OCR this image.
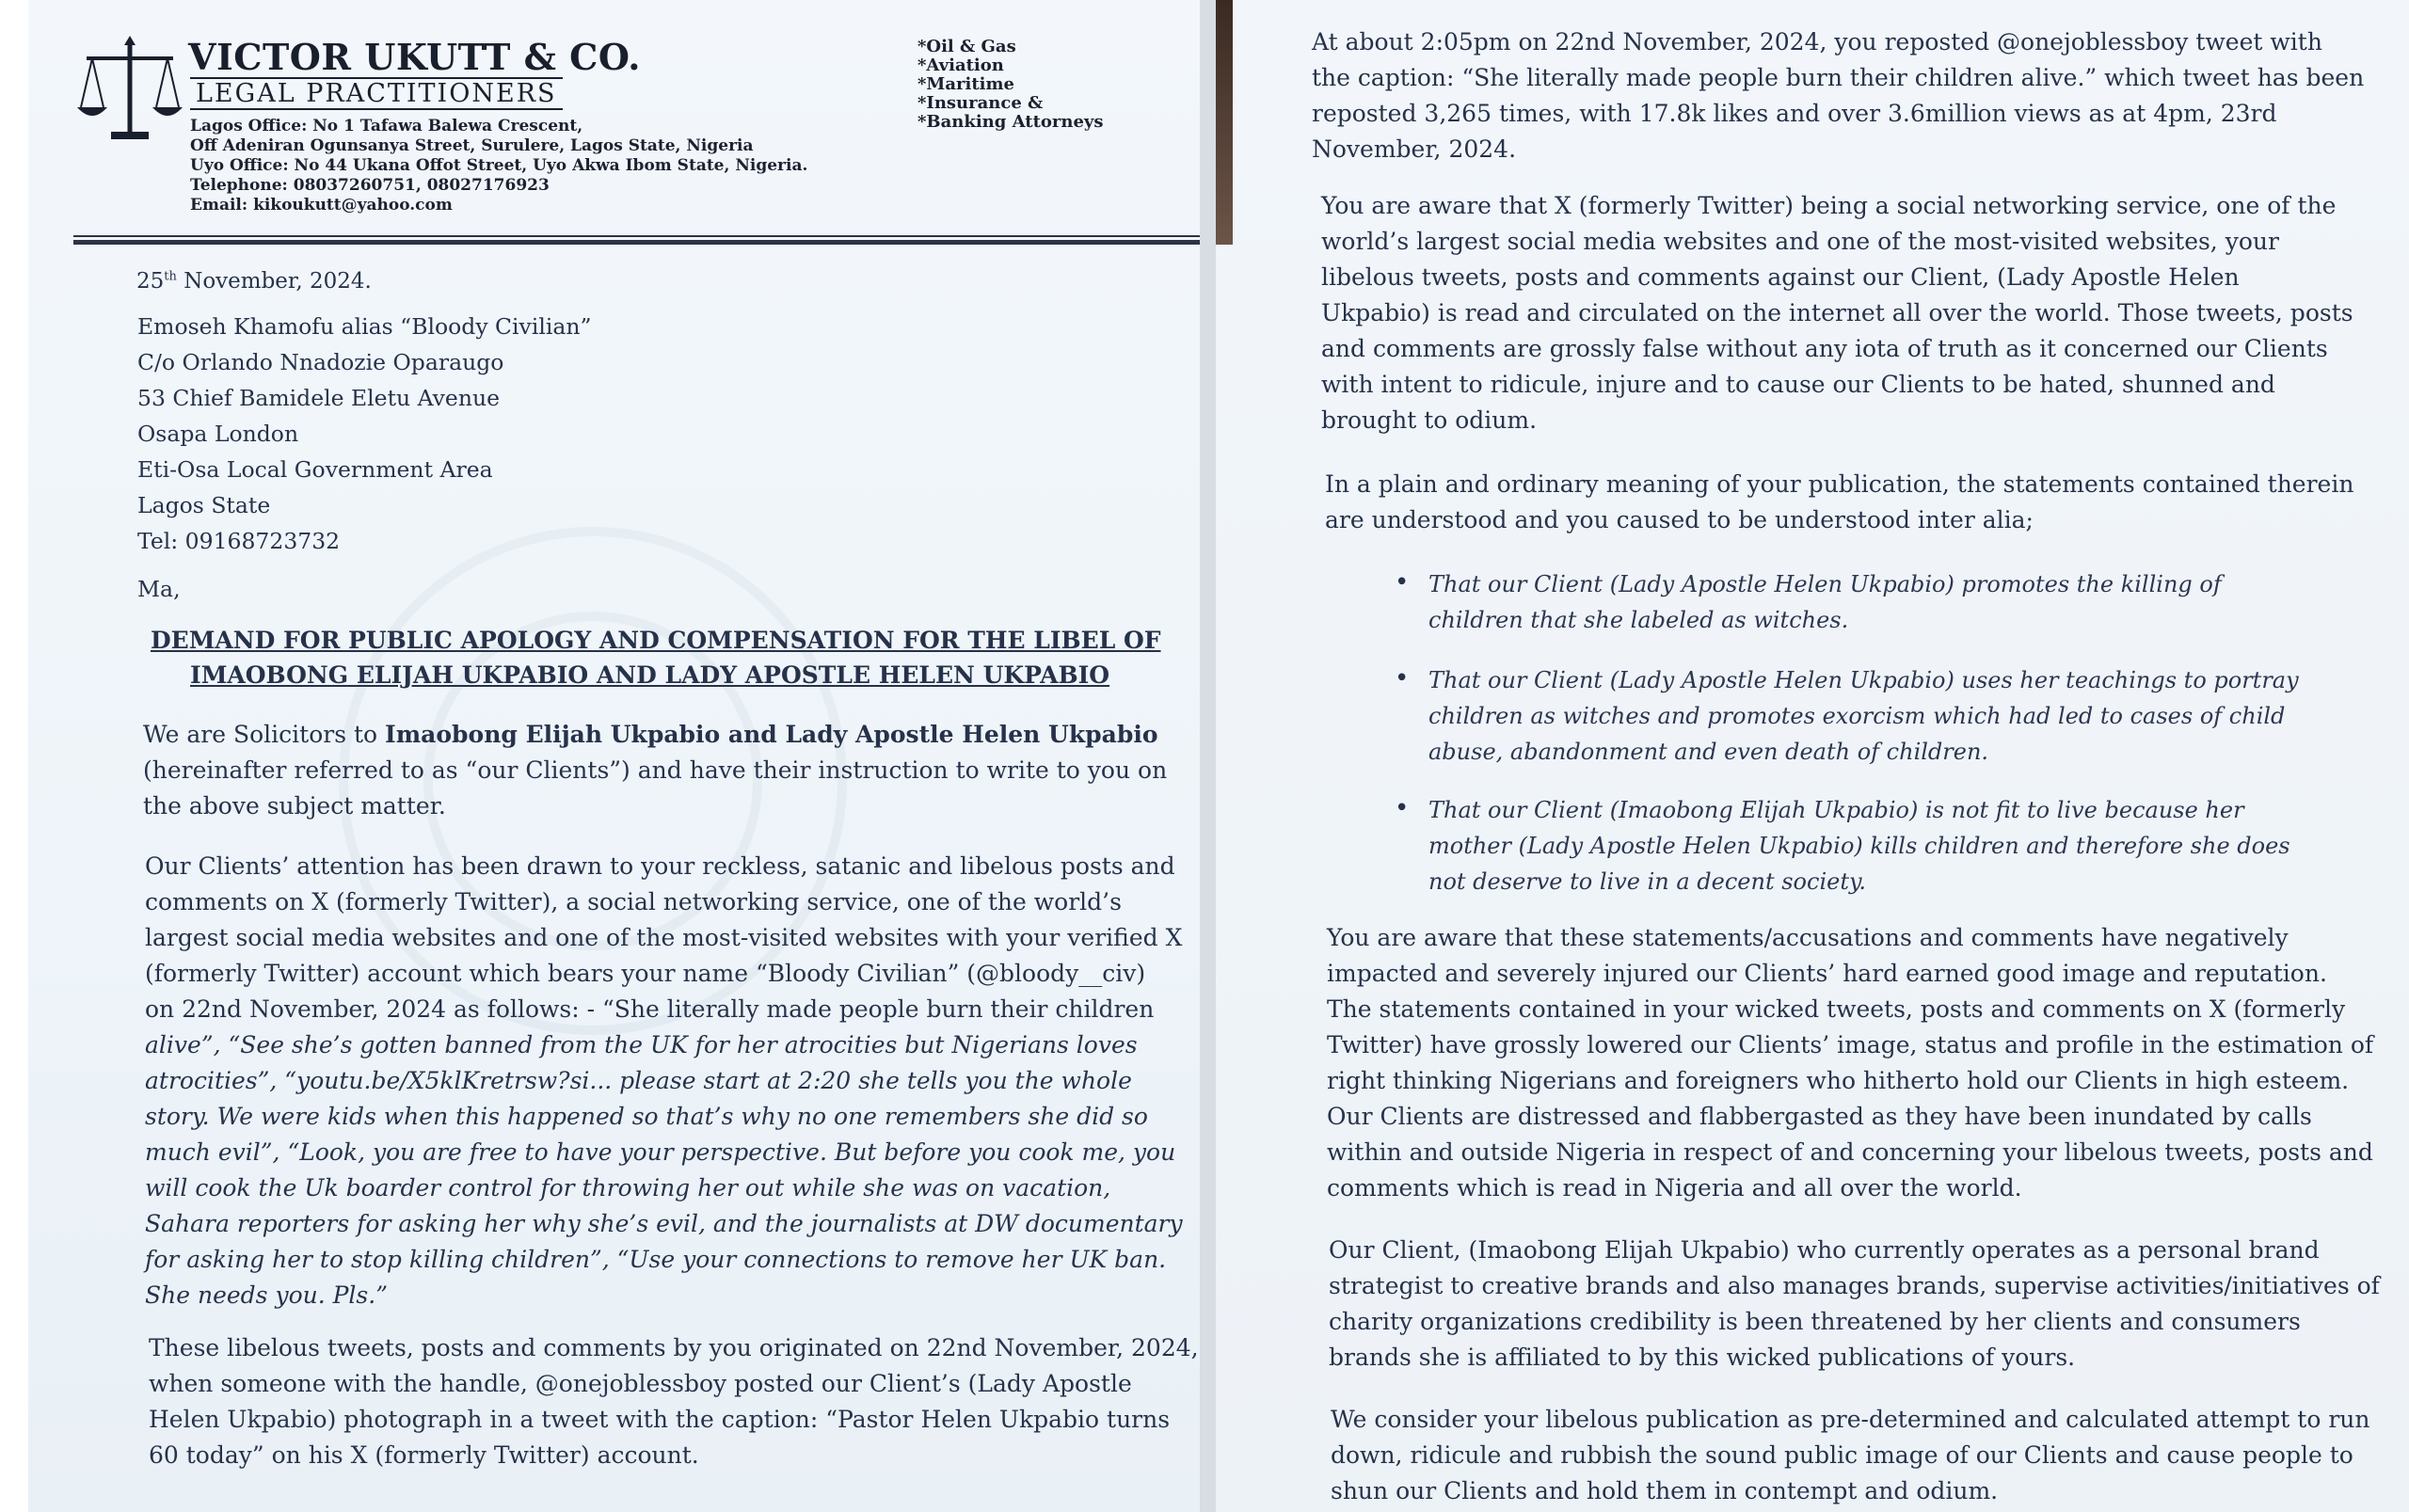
VICTOR UKUTT & CO.
LEGAL PRACTITIONERS
Lagos Office: No 1 Tafawa Balewa Crescent,
Off Adeniran Ogunsanya Street, Surulere, Lagos State, Nigeria
Uyo Office: No 44 Ukana Offot Street, Uyo Akwa Ibom State, Nigeria.
Telephone: 08037260751, 08027176923
Email: kikoukutt@yahoo.com
*Oil & Gas
*Aviation
*Maritime
*Insurance &
*Banking Attorneys
25th November, 2024.
Emoseh Khamofu alias “Bloody Civilian”
C/o Orlando Nnadozie Oparaugo
53 Chief Bamidele Eletu Avenue
Osapa London
Eti-Osa Local Government Area
Lagos State
Tel: 09168723732
Ma,
DEMAND FOR PUBLIC APOLOGY AND COMPENSATION FOR THE LIBEL OF
IMAOBONG ELIJAH UKPABIO AND LADY APOSTLE HELEN UKPABIO
We are Solicitors to Imaobong Elijah Ukpabio and Lady Apostle Helen Ukpabio
(hereinafter referred to as “our Clients”) and have their instruction to write to you on
the above subject matter.
Our Clients’ attention has been drawn to your reckless, satanic and libelous posts and
comments on X (formerly Twitter), a social networking service, one of the world’s
largest social media websites and one of the most-visited websites with your verified X
(formerly Twitter) account which bears your name “Bloody Civilian” (@bloody__civ)
on 22nd November, 2024 as follows: - “She literally made people burn their children
alive”, “See she’s gotten banned from the UK for her atrocities but Nigerians loves
atrocities”, “youtu.be/X5klKretrsw?si... please start at 2:20 she tells you the whole
story. We were kids when this happened so that’s why no one remembers she did so
much evil”, “Look, you are free to have your perspective. But before you cook me, you
will cook the Uk boarder control for throwing her out while she was on vacation,
Sahara reporters for asking her why she’s evil, and the journalists at DW documentary
for asking her to stop killing children”, “Use your connections to remove her UK ban.
She needs you. Pls.”
These libelous tweets, posts and comments by you originated on 22nd November, 2024,
when someone with the handle, @onejoblessboy posted our Client’s (Lady Apostle
Helen Ukpabio) photograph in a tweet with the caption: “Pastor Helen Ukpabio turns
60 today” on his X (formerly Twitter) account.
At about 2:05pm on 22nd November, 2024, you reposted @onejoblessboy tweet with
the caption: “She literally made people burn their children alive.” which tweet has been
reposted 3,265 times, with 17.8k likes and over 3.6million views as at 4pm, 23rd
November, 2024.
You are aware that X (formerly Twitter) being a social networking service, one of the
world’s largest social media websites and one of the most-visited websites, your
libelous tweets, posts and comments against our Client, (Lady Apostle Helen
Ukpabio) is read and circulated on the internet all over the world. Those tweets, posts
and comments are grossly false without any iota of truth as it concerned our Clients
with intent to ridicule, injure and to cause our Clients to be hated, shunned and
brought to odium.
In a plain and ordinary meaning of your publication, the statements contained therein
are understood and you caused to be understood inter alia;
• That our Client (Lady Apostle Helen Ukpabio) promotes the killing of
children that she labeled as witches.
• That our Client (Lady Apostle Helen Ukpabio) uses her teachings to portray
children as witches and promotes exorcism which had led to cases of child
abuse, abandonment and even death of children.
• That our Client (Imaobong Elijah Ukpabio) is not fit to live because her
mother (Lady Apostle Helen Ukpabio) kills children and therefore she does
not deserve to live in a decent society.
You are aware that these statements/accusations and comments have negatively
impacted and severely injured our Clients’ hard earned good image and reputation.
The statements contained in your wicked tweets, posts and comments on X (formerly
Twitter) have grossly lowered our Clients’ image, status and profile in the estimation of
right thinking Nigerians and foreigners who hitherto hold our Clients in high esteem.
Our Clients are distressed and flabbergasted as they have been inundated by calls
within and outside Nigeria in respect of and concerning your libelous tweets, posts and
comments which is read in Nigeria and all over the world.
Our Client, (Imaobong Elijah Ukpabio) who currently operates as a personal brand
strategist to creative brands and also manages brands, supervise activities/initiatives of
charity organizations credibility is been threatened by her clients and consumers
brands she is affiliated to by this wicked publications of yours.
We consider your libelous publication as pre-determined and calculated attempt to run
down, ridicule and rubbish the sound public image of our Clients and cause people to
shun our Clients and hold them in contempt and odium.
